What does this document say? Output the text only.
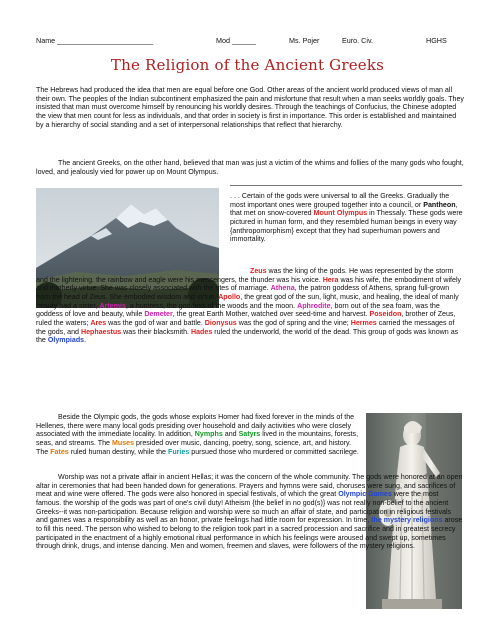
Name ________________________	Mod ______	Ms. Pojer	Euro. Civ.	HGHS
The Religion of the Ancient Greeks

The Hebrews had produced the idea that men are equal before one God. Other areas of the ancient world produced views of man all their own. The peoples of the Indian subcontinent emphasized the pain and misfortune that result when a man seeks worldly goals. They insisted that man must overcome himself by renouncing his worldly desires. Through the teachings of Confucius, the Chinese adopted the view that men count for less as individuals, and that order in society is first in importance. This order is established and maintained by a hierarchy of social standing and a set of interpersonal relationships that reflect that hierarchy.

The ancient Greeks, on the other hand, believed that man was just a victim of the whims and follies of the many gods who fought, loved, and jealously vied for power up on Mount Olympus.

. . . Certain of the gods were universal to all the Greeks. Gradually the most important ones were grouped together into a council, or Pantheon, that met on snow-covered Mount Olympus in Thessaly. These gods were pictured in human form, and they resembled human beings in every way {anthropomorphism} except that they had superhuman powers and immortality.

Zeus was the king of the gods. He was represented by the storm and the lightening. the rainbow and eagle were his messengers, the thunder was his voice. Hera was his wife, the embodiment of wifely and motherly virtue. She was closely associated with the rites of marriage. Athena, the patron goddess of Athens, sprang full-grown from the head of Zeus. She embodied wisdom and virtue. Apollo, the great god of the sun, light, music, and healing, the ideal of manly beauty had a sister, Artemis, a huntress, the goddess of the woods and the moon. Aphrodite, born out of the sea foam, was the goddess of love and beauty, while Demeter, the great Earth Mother, watched over seed-time and harvest. Poseidon, brother of Zeus, ruled the waters; Ares was the god of war and battle. Dionysus was the god of spring and the vine; Hermes carried the messages of the gods, and Hephaestus was their blacksmith. Hades ruled the underworld, the world of the dead. This group of gods was known as the Olympiads.

Beside the Olympic gods, the gods whose exploits Homer had fixed forever in the minds of the Hellenes, there were many local gods presiding over household and daily activities who were closely associated with the immediate locality. In addition, Nymphs and Satyrs lived in the mountains, forests, seas, and streams. The Muses presided over music, dancing, poetry, song, science, art, and history. The Fates ruled human destiny, while the Furies pursued those who murdered or committed sacrilege.

Worship was not a private affair in ancient Hellas; it was the concern of the whole community. The gods were honored at an open altar in ceremonies that had been handed down for generations. Prayers and hymns were said, choruses were sung, and sacrifices of meat and wine were offered. The gods were also honored in special festivals, of which the great Olympic Games were the most famous. the worship of the gods was part of one's civil duty! Atheism {the belief in no god(s)} was not really non-belief to the ancient Greeks--it was non-participation. Because religion and worship were so much an affair of state, and participation in religious festivals and games was a responsibility as well as an honor, private feelings had little room for expression. In time, the mystery religions arose to fill this need. The person who wished to belong to the religion took part in a sacred procession and sacrifice and in greatest secrecy participated in the enactment of a highly emotional ritual performance in which his feelings were aroused and swept up, sometimes through drink, drugs, and intense dancing. Men and women, freemen and slaves, were followers of the mystery religions.
